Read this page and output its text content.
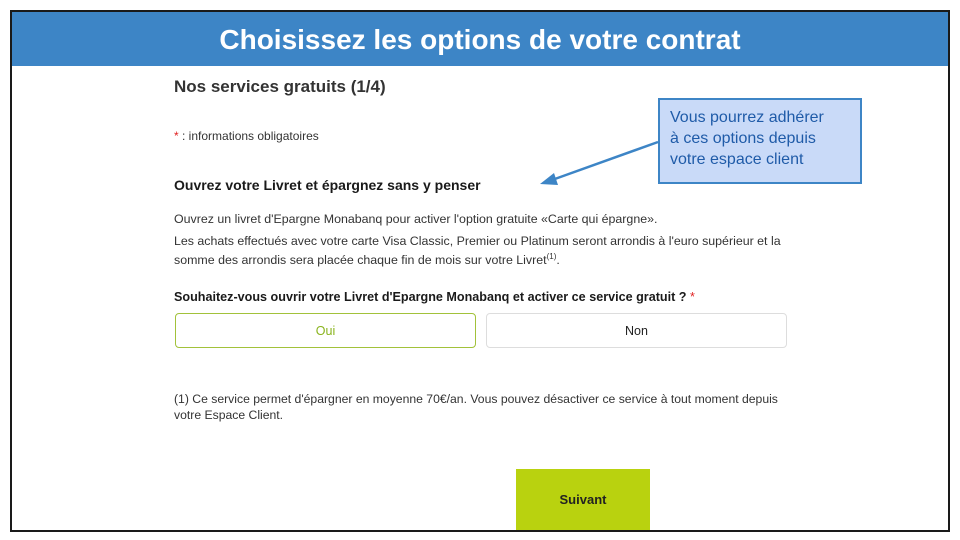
Choisissez les options de votre contrat
Nos services gratuits (1/4)
* : informations obligatoires
Ouvrez votre Livret et épargnez sans y penser
Ouvrez un livret d'Epargne Monabanq pour activer l'option gratuite «Carte qui épargne».
Les achats effectués avec votre carte Visa Classic, Premier ou Platinum seront arrondis à l'euro supérieur et la somme des arrondis sera placée chaque fin de mois sur votre Livret$^{(1)}$.
Souhaitez-vous ouvrir votre Livret d'Epargne Monabanq et activer ce service gratuit ? *
Oui	Non
(1) Ce service permet d'épargner en moyenne 70€/an. Vous pouvez désactiver ce service à tout moment depuis votre Espace Client.
Suivant
Vous pourrez adhérer
à ces options depuis
votre espace client
